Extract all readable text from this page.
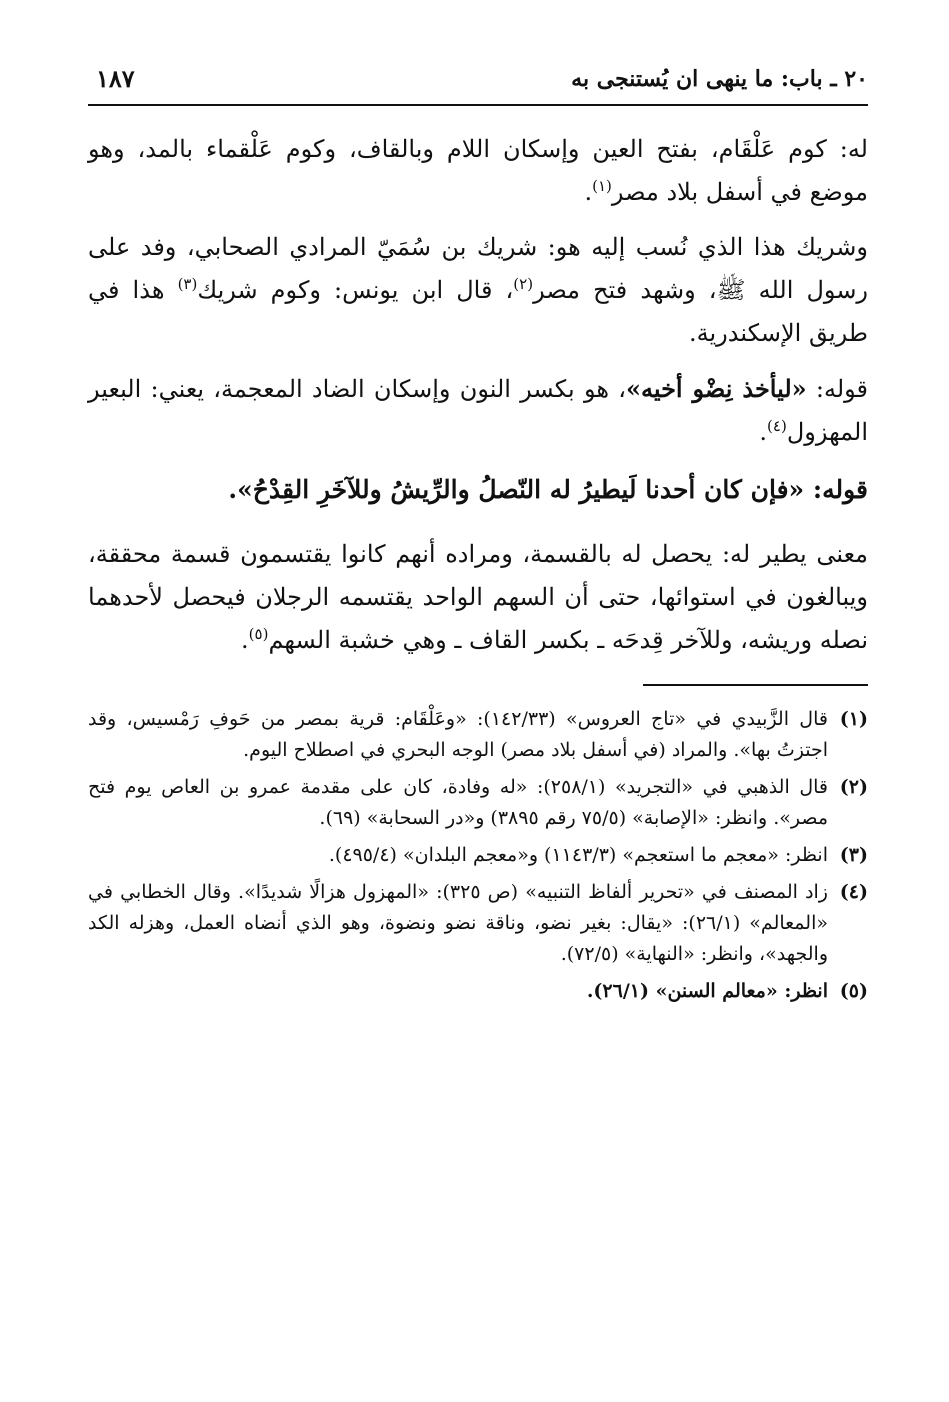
٢٠ ـ باب: ما ينهى ان يُستنجى به
١٨٧

له: كوم عَلْقَام، بفتح العين وإسكان اللام وبالقاف، وكوم عَلْقماء بالمد، وهو موضع في أسفل بلاد مصر$^{(١)}$.

وشريك هذا الذي نُسب إليه هو: شريك بن سُمَيّ المرادي الصحابي، وفد على رسول الله ﷺ، وشهد فتح مصر$^{(٢)}$، قال ابن يونس: وكوم شريك$^{(٣)}$ هذا في طريق الإسكندرية.

قوله: «ليأخذ نِضْو أخيه»، هو بكسر النون وإسكان الضاد المعجمة، يعني: البعير المهزول$^{(٤)}$.

قوله: «فإن كان أحدنا لَيطيرُ له النّصلُ والرِّيشُ وللآخَرِ القِدْحُ».

معنى يطير له: يحصل له بالقسمة، ومراده أنهم كانوا يقتسمون قسمة محققة، ويبالغون في استوائها، حتى أن السهم الواحد يقتسمه الرجلان فيحصل لأحدهما نصله وريشه، وللآخر قِدحَه ـ بكسر القاف ـ وهي خشبة السهم$^{(٥)}$.

(١)
قال الزَّبيدي في «تاج العروس» (١٤٢/٣٣): «وعَلْقَام: قرية بمصر من حَوفِ رَمْسيس، وقد اجتزتُ بها». والمراد (في أسفل بلاد مصر) الوجه البحري في اصطلاح اليوم.
(٢)
قال الذهبي في «التجريد» (٢٥٨/١): «له وفادة، كان على مقدمة عمرو بن العاص يوم فتح مصر». وانظر: «الإصابة» (٧٥/٥ رقم ٣٨٩٥) و«در السحابة» (٦٩).
(٣)
انظر: «معجم ما استعجم» (١١٤٣/٣) و«معجم البلدان» (٤٩٥/٤).
(٤)
زاد المصنف في «تحرير ألفاظ التنبيه» (ص ٣٢٥): «المهزول هزالًا شديدًا». وقال الخطابي في «المعالم» (٢٦/١): «يقال: بغير نضو، وناقة نضو ونضوة، وهو الذي أنضاه العمل، وهزله الكد والجهد»، وانظر: «النهاية» (٧٢/٥).
(٥)
انظر: «معالم السنن» (٢٦/١).
